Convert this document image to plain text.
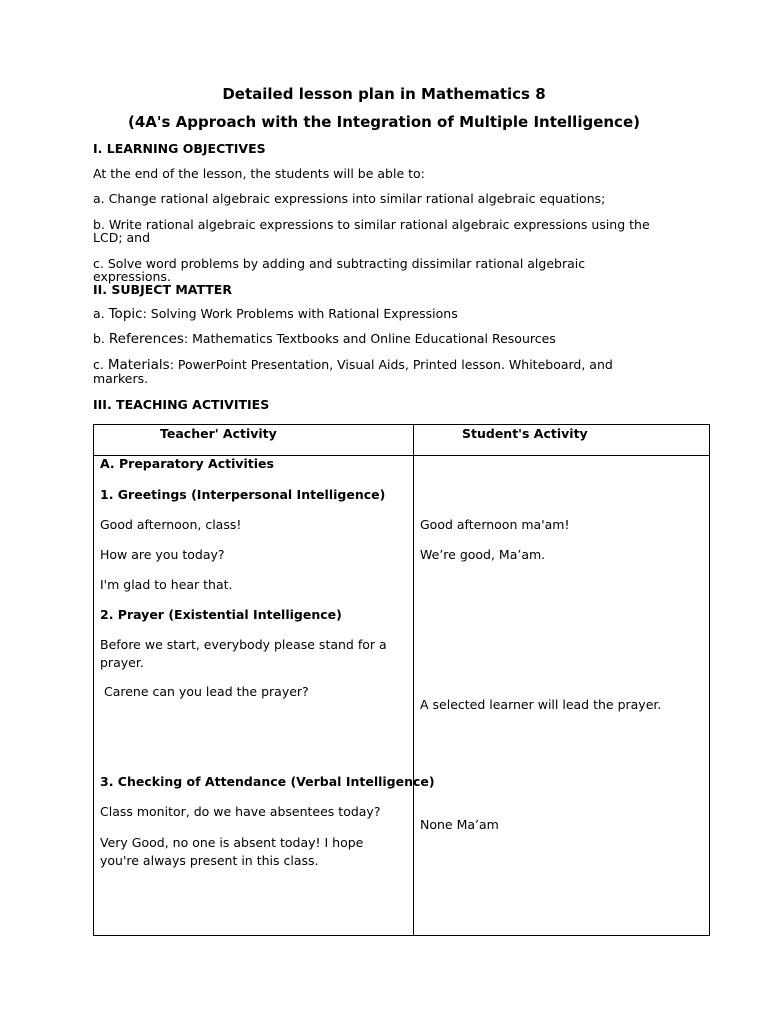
Detailed lesson plan in Mathematics 8
(4A's Approach with the Integration of Multiple Intelligence)
I. LEARNING OBJECTIVES
At the end of the lesson, the students will be able to:
a. Change rational algebraic expressions into similar rational algebraic equations;
b. Write rational algebraic expressions to similar rational algebraic expressions using the LCD; and
c. Solve word problems by adding and subtracting dissimilar rational algebraic expressions.
II. SUBJECT MATTER
a. Topic: Solving Work Problems with Rational Expressions
b. References: Mathematics Textbooks and Online Educational Resources
c. Materials: PowerPoint Presentation, Visual Aids, Printed lesson. Whiteboard, and markers.
III. TEACHING ACTIVITIES
Teacher' Activity	Student's Activity
A. Preparatory Activities
1. Greetings (Interpersonal Intelligence)
Good afternoon, class!
How are you today?
I'm glad to hear that.
2. Prayer (Existential Intelligence)
Before we start, everybody please stand for a prayer.
Carene can you lead the prayer?
3. Checking of Attendance (Verbal Intelligence)
Class monitor, do we have absentees today?
Very Good, no one is absent today! I hope you're always present in this class.
Good afternoon ma'am!
We’re good, Ma’am.
A selected learner will lead the prayer.
None Ma’am
